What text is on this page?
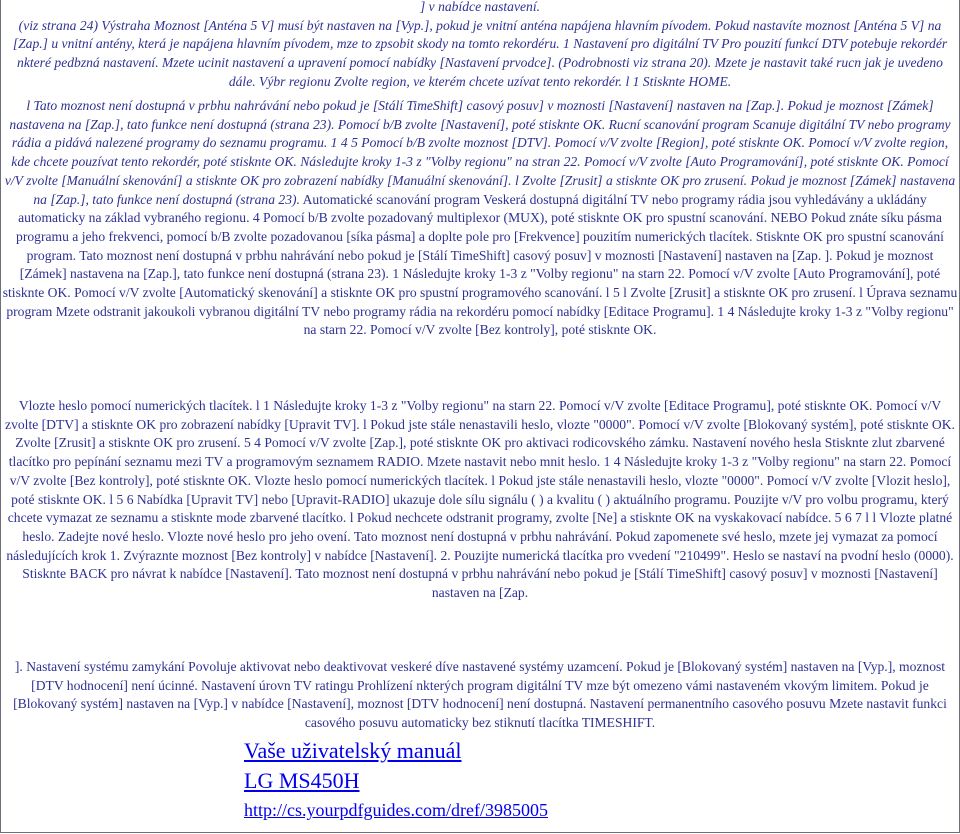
] v nabídce nastavení.
(viz strana 24) Výstraha Moznost [Anténa 5 V] musí být nastaven na [Vyp.], pokud je vnitní anténa napájena hlavním pívodem. Pokud nastavíte moznost [Anténa 5 V] na [Zap.] u vnitní antény, která je napájena hlavním pívodem, mze to zpsobit skody na tomto rekordéru. 1 Nastavení pro digitální TV Pro pouzití funkcí DTV potebuje rekordér nkteré pedbzná nastavení. Mzete ucinit nastavení a upravení pomocí nabídky [Nastavení prvodce]. (Podrobnosti viz strana 20). Mzete je nastavit také rucn jak je uvedeno dále. Výbr regionu Zvolte region, ve kterém chcete uzívat tento rekordér. l 1 Stisknte HOME.
l Tato moznost není dostupná v prbhu nahrávání nebo pokud je [Stálí TimeShift] casový posuv] v moznosti [Nastavení] nastaven na [Zap.]. Pokud je moznost [Zámek] nastavena na [Zap.], tato funkce není dostupná (strana 23). Pomocí b/B zvolte [Nastavení], poté stisknte OK. Rucní scanování program Scanuje digitální TV nebo programy rádia a pidává nalezené programy do seznamu programu. 1 4 5 Pomocí b/B zvolte moznost [DTV]. Pomocí v/V zvolte [Region], poté stisknte OK. Pomocí v/V zvolte region, kde chcete pouzívat tento rekordér, poté stisknte OK. Následujte kroky 1-3 z "Volby regionu" na stran 22. Pomocí v/V zvolte [Auto Programování], poté stisknte OK. Pomocí v/V zvolte [Manuální skenování] a stisknte OK pro zobrazení nabídky [Manuální skenování]. l Zvolte [Zrusit] a stisknte OK pro zrusení. Pokud je moznost [Zámek] nastavena na [Zap.], tato funkce není dostupná (strana 23). Automatické scanování program Veskerá dostupná digitální TV nebo programy rádia jsou vyhledávány a ukládány automaticky na základ vybraného regionu. 4 Pomocí b/B zvolte pozadovaný multiplexor (MUX), poté stisknte OK pro spustní scanování. NEBO Pokud znáte síku pásma programu a jeho frekvenci, pomocí b/B zvolte pozadovanou [síka pásma] a doplte pole pro [Frekvence] pouzitím numerických tlacítek. Stisknte OK pro spustní scanování program. Tato moznost není dostupná v prbhu nahrávání nebo pokud je [Stálí TimeShift] casový posuv] v moznosti [Nastavení] nastaven na [Zap. ]. Pokud je moznost [Zámek] nastavena na [Zap.], tato funkce není dostupná (strana 23). 1 Následujte kroky 1-3 z "Volby regionu" na starn 22. Pomocí v/V zvolte [Auto Programování], poté stisknte OK. Pomocí v/V zvolte [Automatický skenování] a stisknte OK pro spustní programového scanování. l 5 l Zvolte [Zrusit] a stisknte OK pro zrusení. l Úprava seznamu program Mzete odstranit jakoukoli vybranou digitální TV nebo programy rádia na rekordéru pomocí nabídky [Editace Programu]. 1 4 Následujte kroky 1-3 z "Volby regionu" na starn 22. Pomocí v/V zvolte [Bez kontroly], poté stisknte OK.
Vlozte heslo pomocí numerických tlacítek. l 1 Následujte kroky 1-3 z "Volby regionu" na starn 22. Pomocí v/V zvolte [Editace Programu], poté stisknte OK. Pomocí v/V zvolte [DTV] a stisknte OK pro zobrazení nabídky [Upravit TV]. l Pokud jste stále nenastavili heslo, vlozte "0000". Pomocí v/V zvolte [Blokovaný systém], poté stisknte OK. Zvolte [Zrusit] a stisknte OK pro zrusení. 5 4 Pomocí v/V zvolte [Zap.], poté stisknte OK pro aktivaci rodicovského zámku. Nastavení nového hesla Stisknte zlut zbarvené tlacítko pro pepínání seznamu mezi TV a programovým seznamem RADIO. Mzete nastavit nebo mnit heslo. 1 4 Následujte kroky 1-3 z "Volby regionu" na starn 22. Pomocí v/V zvolte [Bez kontroly], poté stisknte OK. Vlozte heslo pomocí numerických tlacítek. l Pokud jste stále nenastavili heslo, vlozte "0000". Pomocí v/V zvolte [Vlozit heslo], poté stisknte OK. l 5 6 Nabídka [Upravit TV] nebo [Upravit-RADIO] ukazuje dole sílu signálu ( ) a kvalitu ( ) aktuálního programu. Pouzijte v/V pro volbu programu, který chcete vymazat ze seznamu a stisknte mode zbarvené tlacítko. l Pokud nechcete odstranit programy, zvolte [Ne] a stisknte OK na vyskakovací nabídce. 5 6 7 l l Vlozte platné heslo. Zadejte nové heslo. Vlozte nové heslo pro jeho ovení. Tato moznost není dostupná v prbhu nahrávání. Pokud zapomenete své heslo, mzete jej vymazat za pomocí následujících krok 1. Zvýraznte moznost [Bez kontroly] v nabídce [Nastavení]. 2. Pouzijte numerická tlacítka pro vvedení "210499". Heslo se nastaví na pvodní heslo (0000). Stisknte BACK pro návrat k nabídce [Nastavení]. Tato moznost není dostupná v prbhu nahrávání nebo pokud je [Stálí TimeShift] casový posuv] v moznosti [Nastavení] nastaven na [Zap.
]. Nastavení systému zamykání Povoluje aktivovat nebo deaktivovat veskeré díve nastavené systémy uzamcení. Pokud je [Blokovaný systém] nastaven na [Vyp.], moznost [DTV hodnocení] není úcinné. Nastavení úrovn TV ratingu Prohlízení nkterých program digitální TV mze být omezeno vámi nastaveném vkovým limitem. Pokud je [Blokovaný systém] nastaven na [Vyp.] v nabídce [Nastavení], moznost [DTV hodnocení] není dostupná. Nastavení permanentního casového posuvu Mzete nastavit funkci casového posuvu automaticky bez stiknutí tlacítka TIMESHIFT.
Vaše uživatelský manuál
LG MS450H
http://cs.yourpdfguides.com/dref/3985005
